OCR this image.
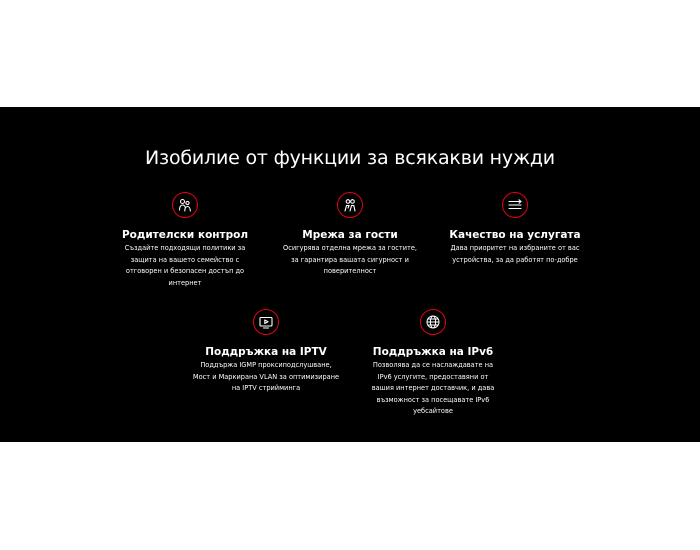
Изобилие от функции за всякакви нужди

Родителски контрол

Създайте подходящи политики за защита на вашето семейство с отговорен и безопасен достъп до интернет

Мрежа за гости

Осигурява отделна мрежа за гостите, за гарантира вашата сигурност и поверителност

Качество на услугата

Дава приоритет на избраните от вас устройства, за да работят по-добре

Поддръжка на IPTV

Поддържа IGMP проксиподслушване, Мост и Маркирана VLAN за оптимизиране на IPTV стрийминга

Поддръжка на IPv6

Позволява да се наслаждавате на IPv6 услугите, предоставяни от вашия интернет доставчик, и дава възможност за посещавате IPv6 уебсайтове
